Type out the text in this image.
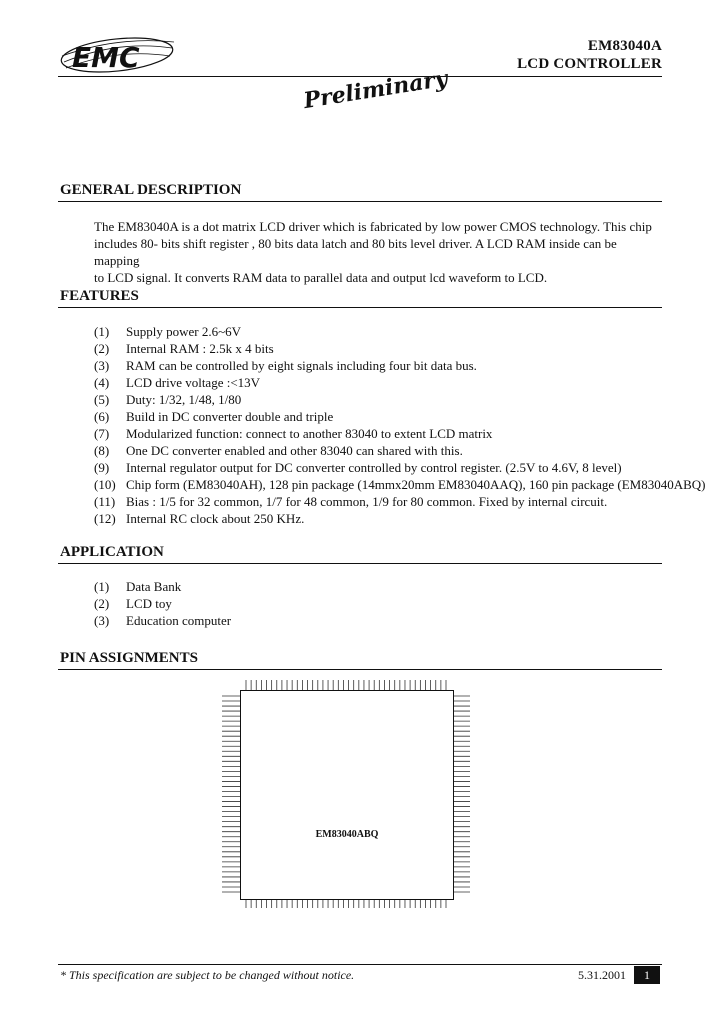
EMC	EM83040A
LCD CONTROLLER
Preliminary
GENERAL DESCRIPTION
The EM83040A is a dot matrix LCD driver which is fabricated by low power CMOS technology. This chip
includes 80- bits shift register , 80 bits data latch and 80 bits level driver. A LCD RAM inside can be mapping
to LCD signal. It converts RAM data to parallel data and output lcd waveform to LCD.
FEATURES
(1) Supply power 2.6~6V
(2) Internal RAM : 2.5k x 4 bits
(3) RAM can be controlled by eight signals including four bit data bus.
(4) LCD drive voltage :<13V
(5) Duty: 1/32, 1/48, 1/80
(6) Build in DC converter double and triple
(7) Modularized function: connect to another 83040 to extent LCD matrix
(8) One DC converter enabled and other 83040 can shared with this.
(9) Internal regulator output for DC converter controlled by control register. (2.5V to 4.6V, 8 level)
(10) Chip form (EM83040AH), 128 pin package (14mmx20mm EM83040AAQ), 160 pin package (EM83040ABQ)
(11) Bias : 1/5 for 32 common, 1/7 for 48 common, 1/9 for 80 common. Fixed by internal circuit.
(12) Internal RC clock about 250 KHz.
APPLICATION
(1) Data Bank
(2) LCD toy
(3) Education computer
PIN ASSIGNMENTS
EM83040ABQ
* This specification are subject to be changed without notice.	5.31.2001	1
